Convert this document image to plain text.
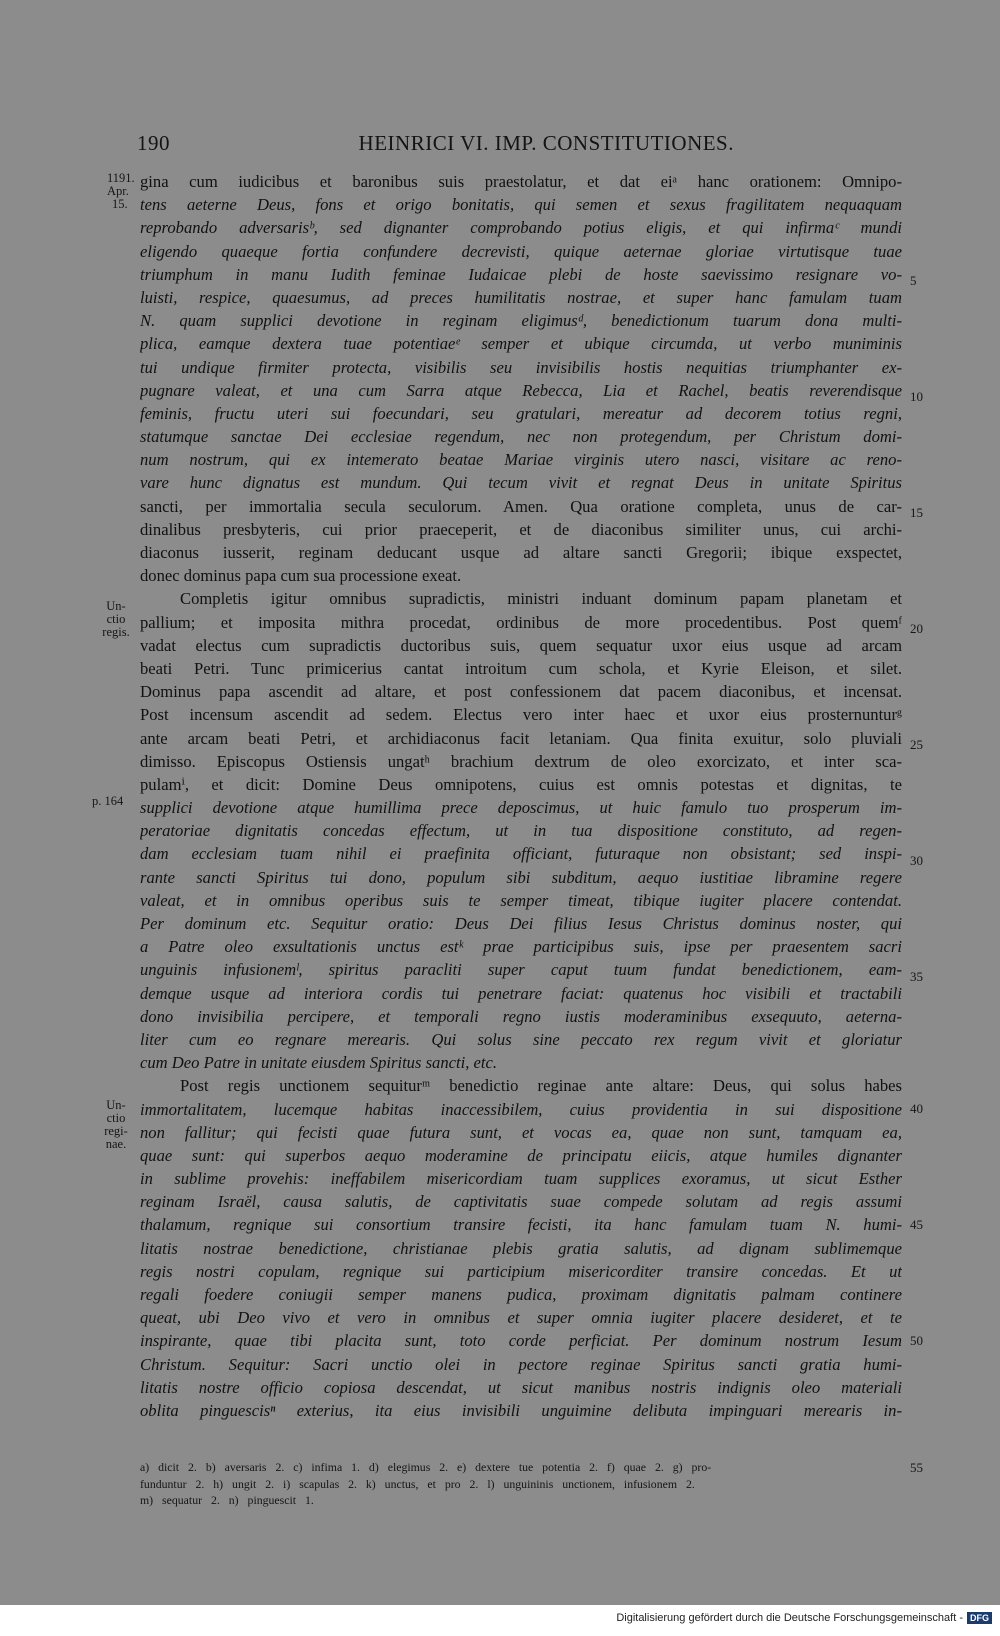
190	HEINRICI VI. IMP. CONSTITUTIONES.
1191.
Apr.
15.
Un-
ctio
regis.
p. 164
Un-
ctio
regi-
nae.
5
10
15
20
25
30
35
40
45
50
55
gina cum iudicibus et baronibus suis praestolatur, et dat eiᵃ hanc orationem: Omnipo-
tens aeterne Deus, fons et origo bonitatis, qui semen et sexus fragilitatem nequaquam
reprobando adversarisᵇ, sed dignanter comprobando potius eligis, et qui infirmaᶜ mundi
eligendo quaeque fortia confundere decrevisti, quique aeternae gloriae virtutisque tuae
triumphum in manu Iudith feminae Iudaicae plebi de hoste saevissimo resignare vo-
luisti, respice, quaesumus, ad preces humilitatis nostrae, et super hanc famulam tuam
N. quam supplici devotione in reginam eligimusᵈ, benedictionum tuarum dona multi-
plica, eamque dextera tuae potentiaeᵉ semper et ubique circumda, ut verbo muniminis
tui undique firmiter protecta, visibilis seu invisibilis hostis nequitias triumphanter ex-
pugnare valeat, et una cum Sarra atque Rebecca, Lia et Rachel, beatis reverendisque
feminis, fructu uteri sui foecundari, seu gratulari, mereatur ad decorem totius regni,
statumque sanctae Dei ecclesiae regendum, nec non protegendum, per Christum domi-
num nostrum, qui ex intemerato beatae Mariae virginis utero nasci, visitare ac reno-
vare hunc dignatus est mundum. Qui tecum vivit et regnat Deus in unitate Spiritus
sancti, per immortalia secula seculorum. Amen. Qua oratione completa, unus de car-
dinalibus presbyteris, cui prior praeceperit, et de diaconibus similiter unus, cui archi-
diaconus iusserit, reginam deducant usque ad altare sancti Gregorii; ibique exspectet,
donec dominus papa cum sua processione exeat.
Completis igitur omnibus supradictis, ministri induant dominum papam planetam et
pallium; et imposita mithra procedat, ordinibus de more procedentibus. Post quemᶠ
vadat electus cum supradictis ductoribus suis, quem sequatur uxor eius usque ad arcam
beati Petri. Tunc primicerius cantat introitum cum schola, et Kyrie Eleison, et silet.
Dominus papa ascendit ad altare, et post confessionem dat pacem diaconibus, et incensat.
Post incensum ascendit ad sedem. Electus vero inter haec et uxor eius prosternunturᵍ
ante arcam beati Petri, et archidiaconus facit letaniam. Qua finita exuitur, solo pluviali
dimisso. Episcopus Ostiensis ungatʰ brachium dextrum de oleo exorcizato, et inter sca-
pulamⁱ, et dicit: Domine Deus omnipotens, cuius est omnis potestas et dignitas, te
supplici devotione atque humillima prece deposcimus, ut huic famulo tuo prosperum im-
peratoriae dignitatis concedas effectum, ut in tua dispositione constituto, ad regen-
dam ecclesiam tuam nihil ei praefinita officiant, futuraque non obsistant; sed inspi-
rante sancti Spiritus tui dono, populum sibi subditum, aequo iustitiae libramine regere
valeat, et in omnibus operibus suis te semper timeat, tibique iugiter placere contendat.
Per dominum etc. Sequitur oratio: Deus Dei filius Iesus Christus dominus noster, qui
a Patre oleo exsultationis unctus estᵏ prae participibus suis, ipse per praesentem sacri
unguinis infusionemˡ, spiritus paracliti super caput tuum fundat benedictionem, eam-
demque usque ad interiora cordis tui penetrare faciat: quatenus hoc visibili et tractabili
dono invisibilia percipere, et temporali regno iustis moderaminibus exsequuto, aeterna-
liter cum eo regnare merearis. Qui solus sine peccato rex regum vivit et gloriatur
cum Deo Patre in unitate eiusdem Spiritus sancti, etc.
Post regis unctionem sequiturᵐ benedictio reginae ante altare: Deus, qui solus habes
immortalitatem, lucemque habitas inaccessibilem, cuius providentia in sui dispositione
non fallitur; qui fecisti quae futura sunt, et vocas ea, quae non sunt, tamquam ea,
quae sunt: qui superbos aequo moderamine de principatu eiicis, atque humiles dignanter
in sublime provehis: ineffabilem misericordiam tuam supplices exoramus, ut sicut Esther
reginam Israël, causa salutis, de captivitatis suae compede solutam ad regis assumi
thalamum, regnique sui consortium transire fecisti, ita hanc famulam tuam N. humi-
litatis nostrae benedictione, christianae plebis gratia salutis, ad dignam sublimemque
regis nostri copulam, regnique sui participium misericorditer transire concedas. Et ut
regali foedere coniugii semper manens pudica, proximam dignitatis palmam continere
queat, ubi Deo vivo et vero in omnibus et super omnia iugiter placere desideret, et te
inspirante, quae tibi placita sunt, toto corde perficiat. Per dominum nostrum Iesum
Christum. Sequitur: Sacri unctio olei in pectore reginae Spiritus sancti gratia humi-
litatis nostre officio copiosa descendat, ut sicut manibus nostris indignis oleo materiali
oblita pinguescisⁿ exterius, ita eius invisibili unguimine delibuta impinguari merearis in-
a) dicit 2. b) aversaris 2. c) infima 1. d) elegimus 2. e) dextere tue potentia 2. f) quae 2. g) pro-
funduntur 2. h) ungit 2. i) scapulas 2. k) unctus, et pro 2. l) unguininis unctionem, infusionem 2.
m) sequatur 2. n) pinguescit 1.
Digitalisierung gefördert durch die Deutsche Forschungsgemeinschaft - DFG
